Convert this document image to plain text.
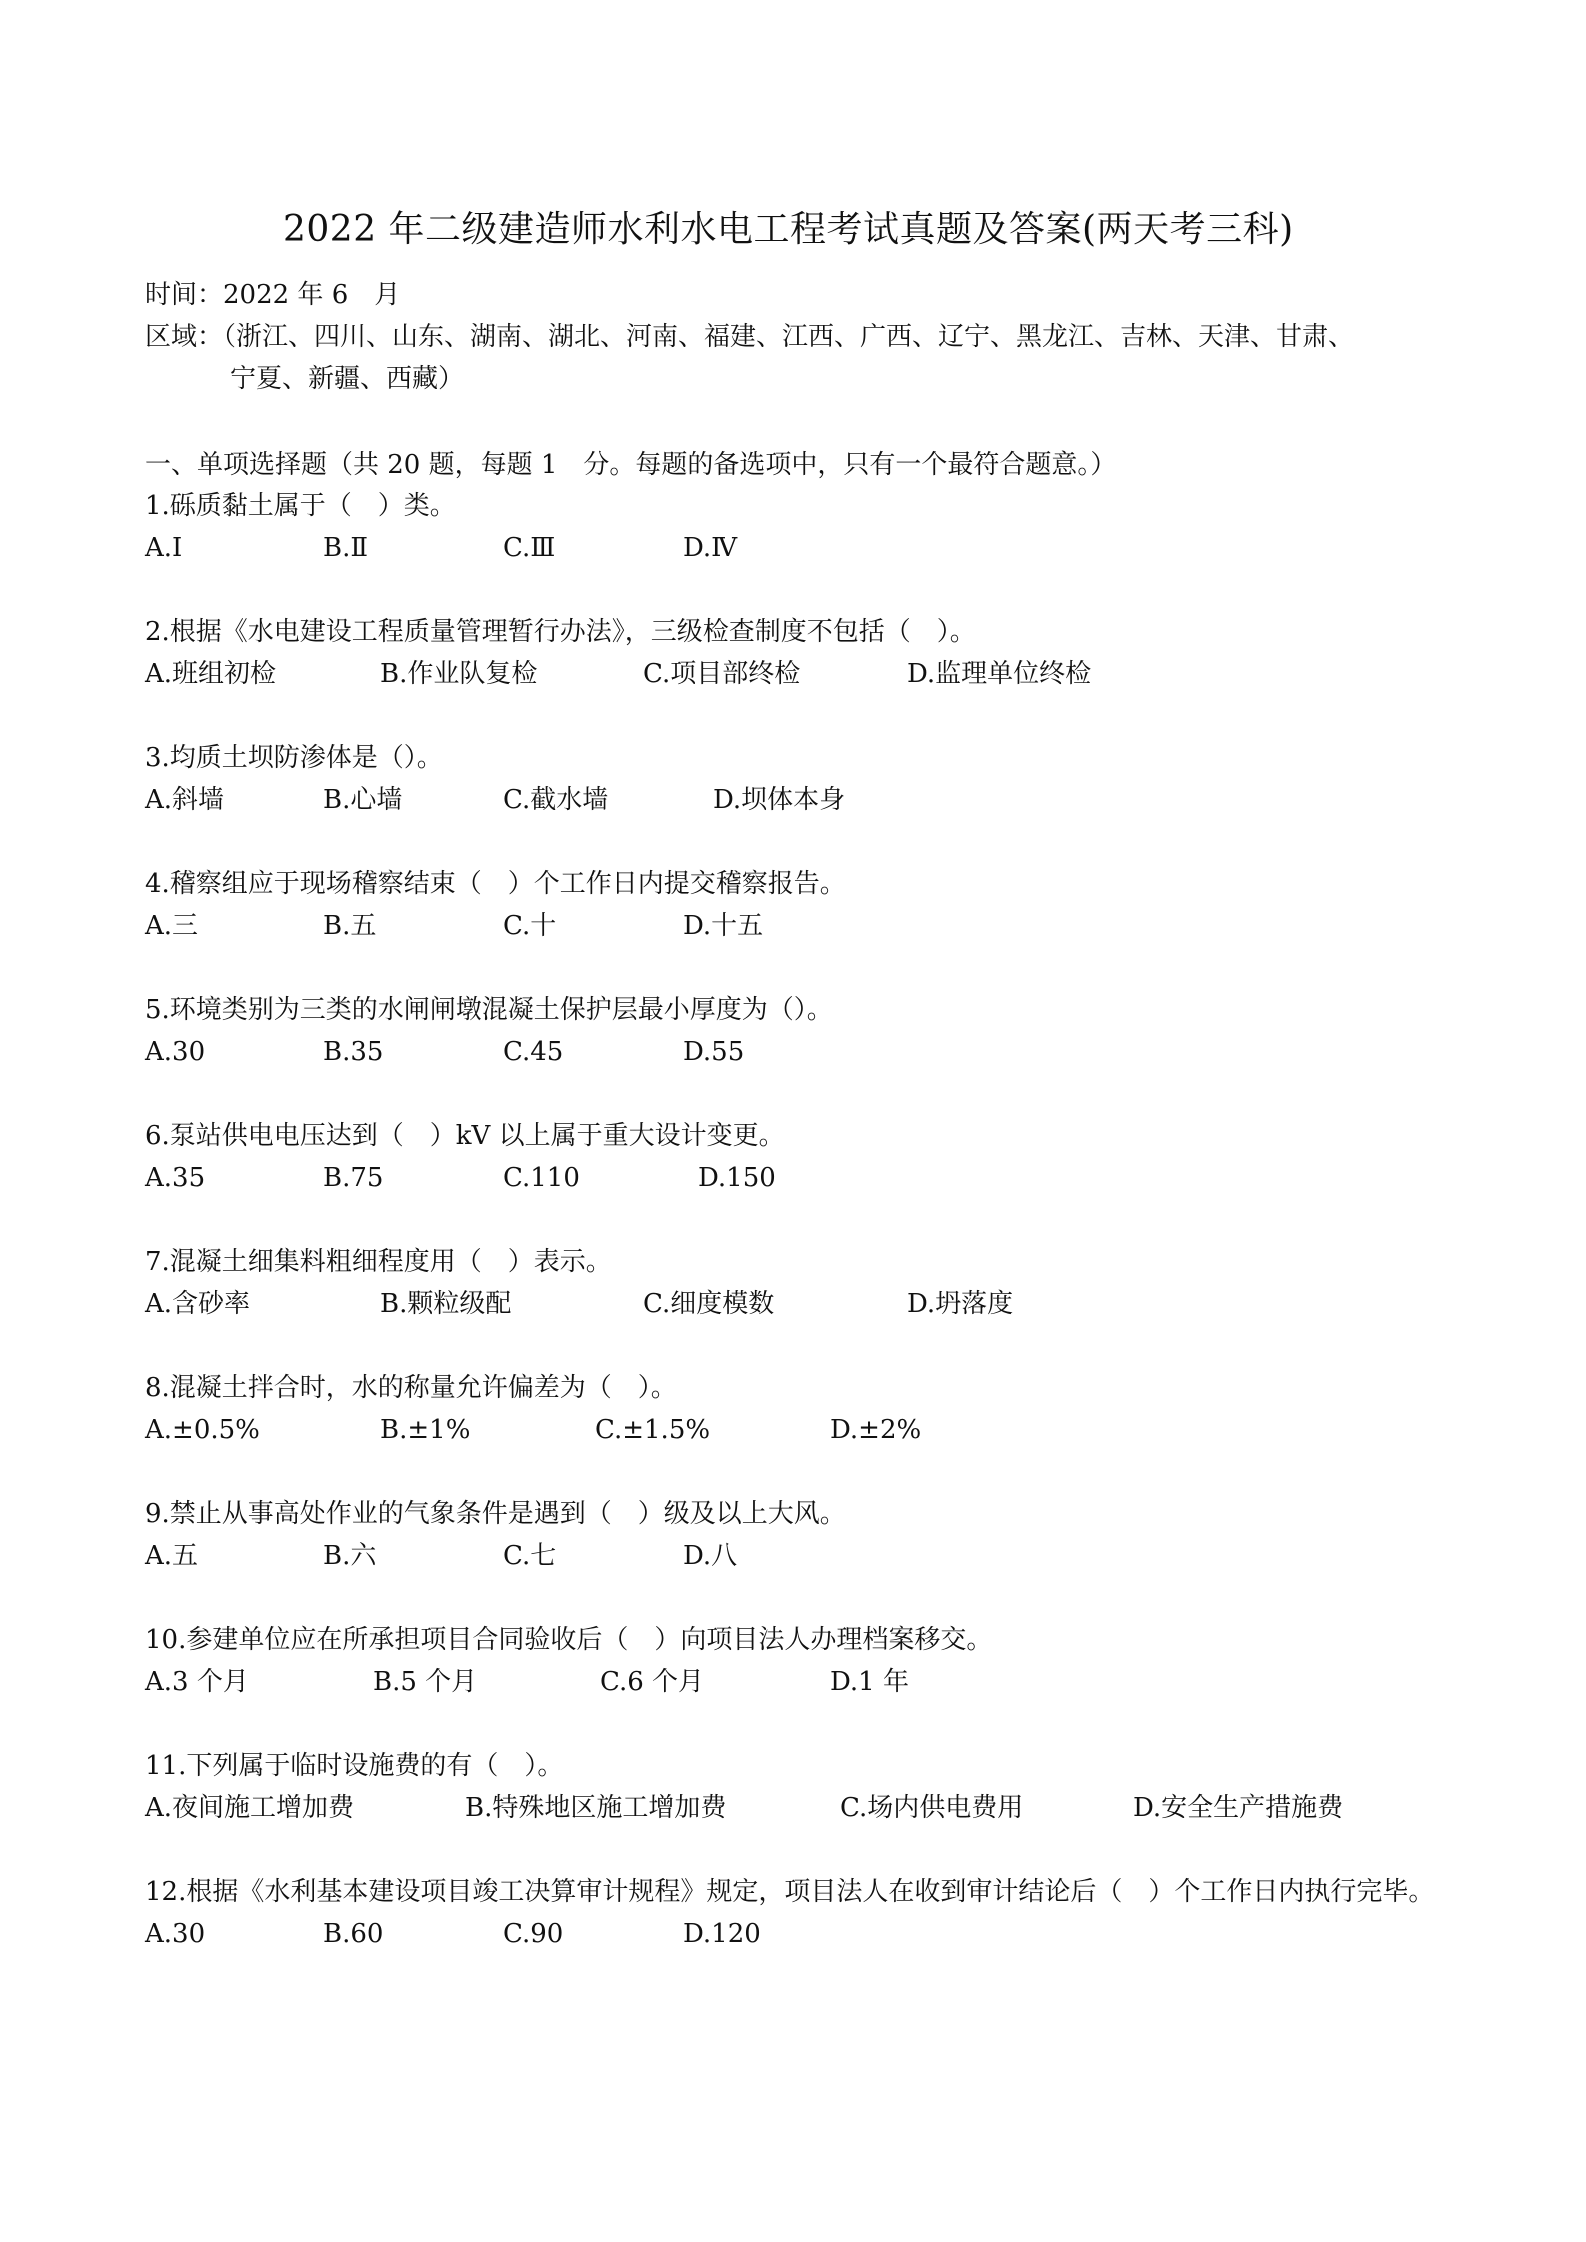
2022 年二级建造师水利水电工程考试真题及答案(两天考三科)
时间：2022 年 6　月
区域：（浙江、四川、山东、湖南、湖北、河南、福建、江西、广西、辽宁、黑龙江、吉林、天津、甘肃、
宁夏、新疆、西藏）
一、单项选择题（共 20 题，每题 1　分。每题的备选项中，只有一个最符合题意。）
1.砾质黏土属于（　）类。
A.Ⅰ	B.Ⅱ	C.Ⅲ	D.Ⅳ
2.根据《水电建设工程质量管理暂行办法》，三级检查制度不包括（　）。
A.班组初检	B.作业队复检	C.项目部终检	D.监理单位终检
3.均质土坝防渗体是（）。
A.斜墙	B.心墙	C.截水墙	D.坝体本身
4.稽察组应于现场稽察结束（　）个工作日内提交稽察报告。
A.三	B.五	C.十	D.十五
5.环境类别为三类的水闸闸墩混凝土保护层最小厚度为（）。
A.30	B.35	C.45	D.55
6.泵站供电电压达到（　）kV 以上属于重大设计变更。
A.35	B.75	C.110	D.150
7.混凝土细集料粗细程度用（　）表示。
A.含砂率	B.颗粒级配	C.细度模数	D.坍落度
8.混凝土拌合时，水的称量允许偏差为（　）。
A.±0.5%	B.±1%	C.±1.5%	D.±2%
9.禁止从事高处作业的气象条件是遇到（　）级及以上大风。
A.五	B.六	C.七	D.八
10.参建单位应在所承担项目合同验收后（　）向项目法人办理档案移交。
A.3 个月	B.5 个月	C.6 个月	D.1 年
11.下列属于临时设施费的有（　）。
A.夜间施工增加费	B.特殊地区施工增加费	C.场内供电费用	D.安全生产措施费
12.根据《水利基本建设项目竣工决算审计规程》规定，项目法人在收到审计结论后（　）个工作日内执行完毕。
A.30	B.60	C.90	D.120
